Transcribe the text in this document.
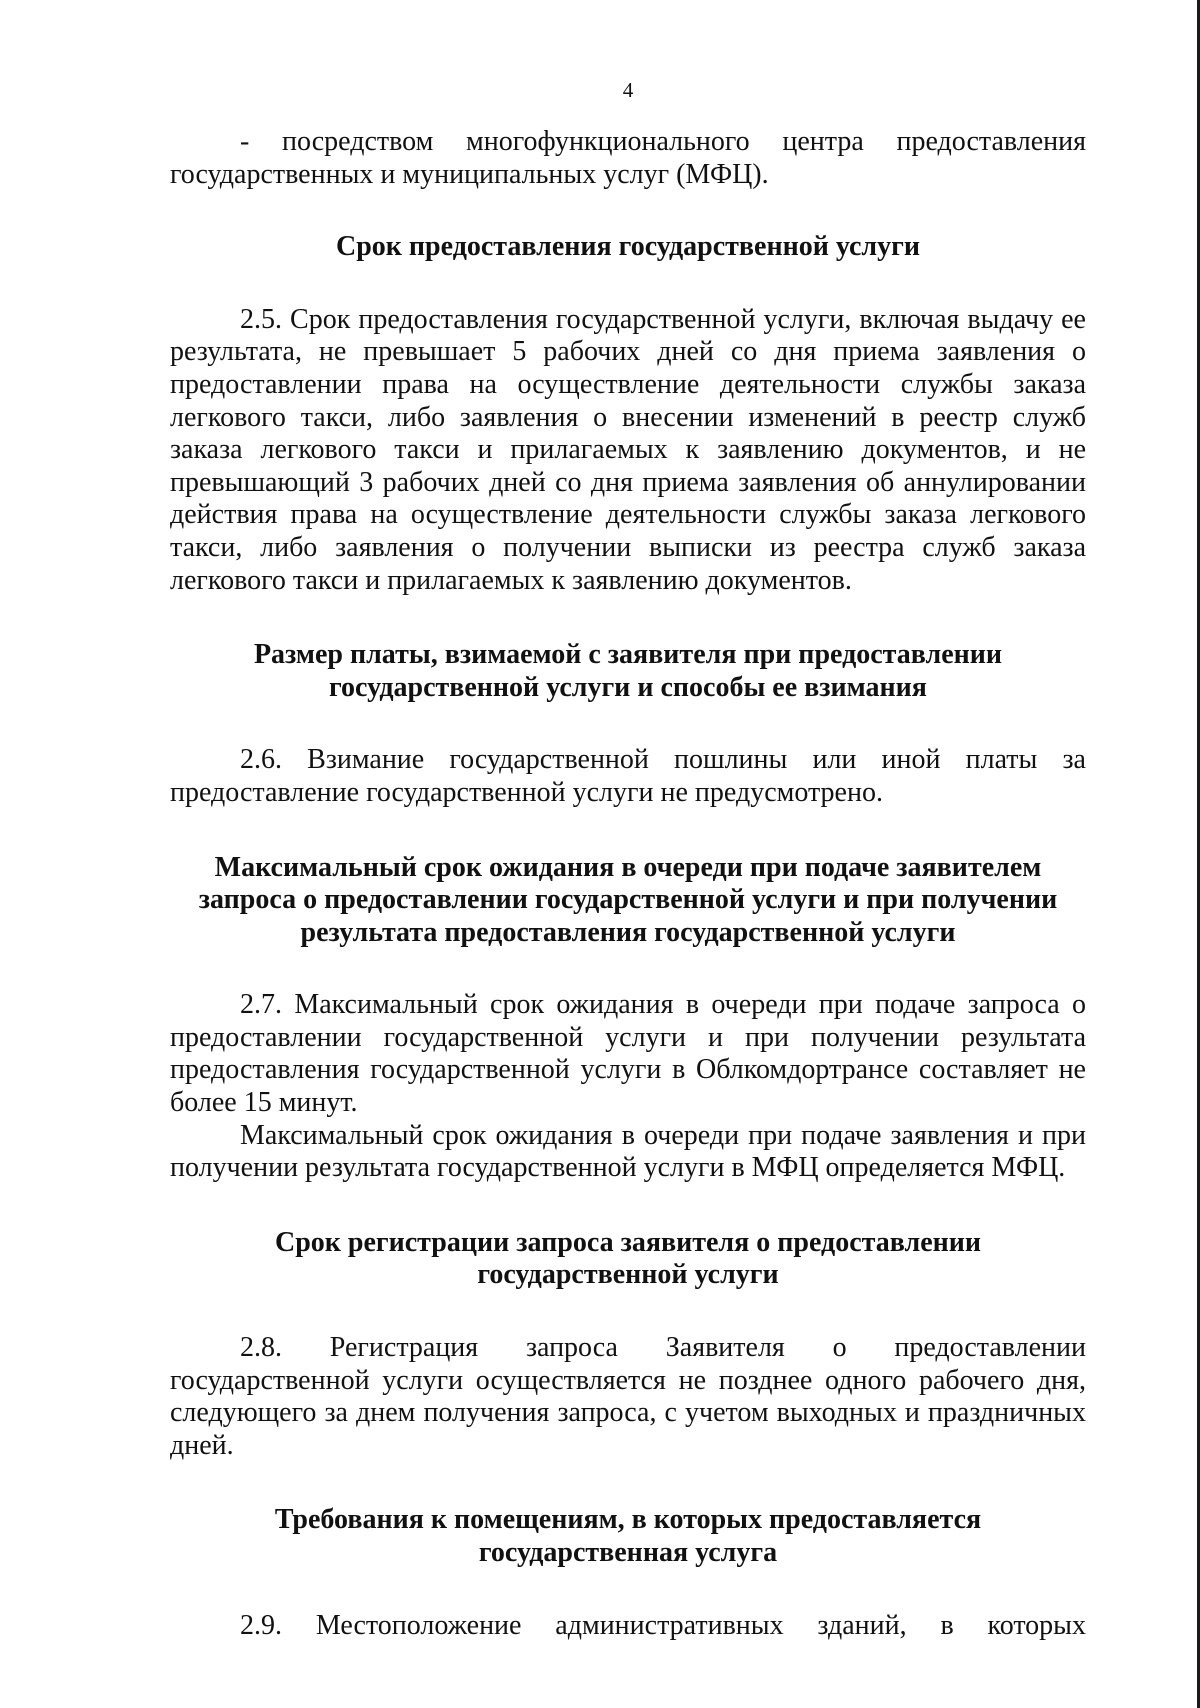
4

- посредством многофункционального центра предоставления государственных и муниципальных услуг (МФЦ).

Срок предоставления государственной услуги

2.5. Срок предоставления государственной услуги, включая выдачу ее результата, не превышает 5 рабочих дней со дня приема заявления о предоставлении права на осуществление деятельности службы заказа легкового такси, либо заявления о внесении изменений в реестр служб заказа легкового такси и прилагаемых к заявлению документов, и не превышающий 3 рабочих дней со дня приема заявления об аннулировании действия права на осуществление деятельности службы заказа легкового такси, либо заявления о получении выписки из реестра служб заказа легкового такси и прилагаемых к заявлению документов.

Размер платы, взимаемой с заявителя при предоставлении государственной услуги и способы ее взимания

2.6. Взимание государственной пошлины или иной платы за предоставление государственной услуги не предусмотрено.

Максимальный срок ожидания в очереди при подаче заявителем запроса о предоставлении государственной услуги и при получении результата предоставления государственной услуги

2.7. Максимальный срок ожидания в очереди при подаче запроса о предоставлении государственной услуги и при получении результата предоставления государственной услуги в Облкомдортрансе составляет не более 15 минут.

Максимальный срок ожидания в очереди при подаче заявления и при получении результата государственной услуги в МФЦ определяется МФЦ.

Срок регистрации запроса заявителя о предоставлении государственной услуги

2.8. Регистрация запроса Заявителя о предоставлении государственной услуги осуществляется не позднее одного рабочего дня, следующего за днем получения запроса, с учетом выходных и праздничных дней.

Требования к помещениям, в которых предоставляется государственная услуга

2.9. Местоположение административных зданий, в которых
